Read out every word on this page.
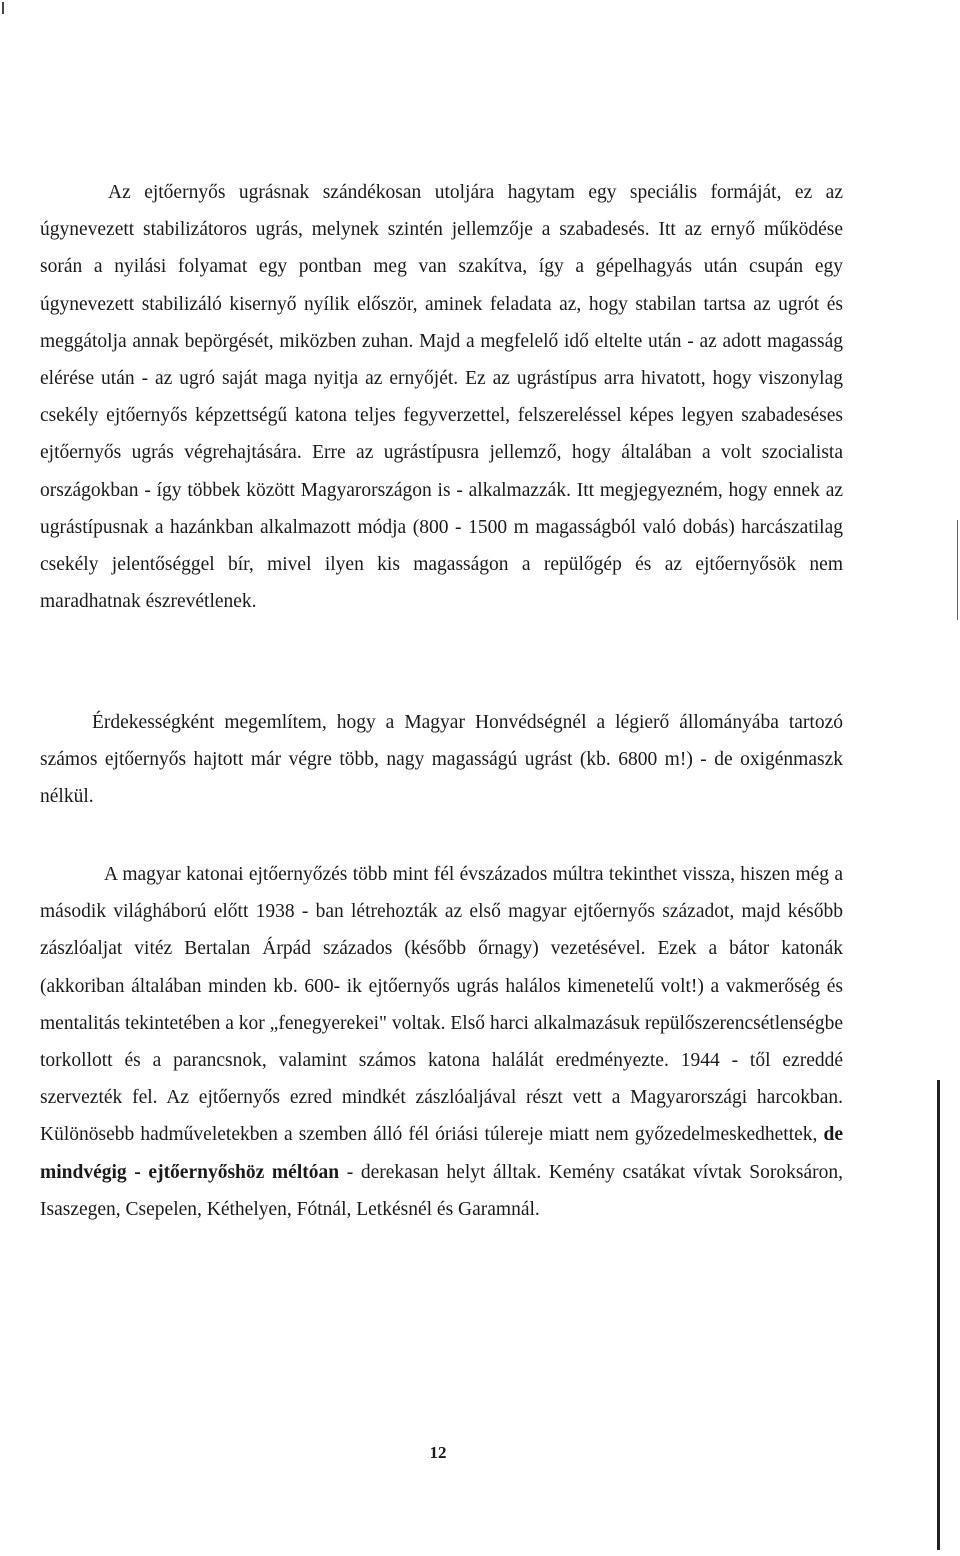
Az ejtőernyős ugrásnak szándékosan utoljára hagytam egy speciális formáját, ez az úgynevezett stabilizátoros ugrás, melynek szintén jellemzője a szabadesés. Itt az ernyő működése során a nyilási folyamat egy pontban meg van szakítva, így a gépelhagyás után csupán egy úgynevezett stabilizáló kisernyő nyílik először, aminek feladata az, hogy stabilan tartsa az ugrót és meggátolja annak bepörgését, miközben zuhan. Majd a megfelelő idő eltelte után - az adott magasság elérése után - az ugró saját maga nyitja az ernyőjét. Ez az ugrástípus arra hivatott, hogy viszonylag csekély ejtőernyős képzettségű katona teljes fegyverzettel, felszereléssel képes legyen szabadeséses ejtőernyős ugrás végrehajtására. Erre az ugrástípusra jellemző, hogy általában a volt szocialista országokban - így többek között Magyarországon is - alkalmazzák. Itt megjegyezném, hogy ennek az ugrástípusnak a hazánkban alkalmazott módja (800 - 1500 m magasságból való dobás) harcászatilag csekély jelentőséggel bír, mivel ilyen kis magasságon a repülőgép és az ejtőernyősök nem maradhatnak észrevétlenek.

Érdekességként megemlítem, hogy a Magyar Honvédségnél a légierő állományába tartozó számos ejtőernyős hajtott már végre több, nagy magasságú ugrást (kb. 6800 m!) - de oxigénmaszk nélkül.

A magyar katonai ejtőernyőzés több mint fél évszázados múltra tekinthet vissza, hiszen még a második világháború előtt 1938 - ban létrehozták az első magyar ejtőernyős századot, majd később zászlóaljat vitéz Bertalan Árpád százados (később őrnagy) vezetésével. Ezek a bátor katonák (akkoriban általában minden kb. 600- ik ejtőernyős ugrás halálos kimenetelű volt!) a vakmerőség és mentalitás tekintetében a kor „fenegyerekei" voltak. Első harci alkalmazásuk repülőszerencsétlenségbe torkollott és a parancsnok, valamint számos katona halálát eredményezte. 1944 - től ezreddé szervezték fel. Az ejtőernyős ezred mindkét zászlóaljával részt vett a Magyarországi harcokban. Különösebb hadműveletekben a szemben álló fél óriási túlereje miatt nem győzedelmeskedhettek, de mindvégig - ejtőernyőshöz méltóan - derekasan helyt álltak. Kemény csatákat vívtak Soroksáron, Isaszegen, Csepelen, Kéthelyen, Fótnál, Letkésnél és Garamnál.

12
